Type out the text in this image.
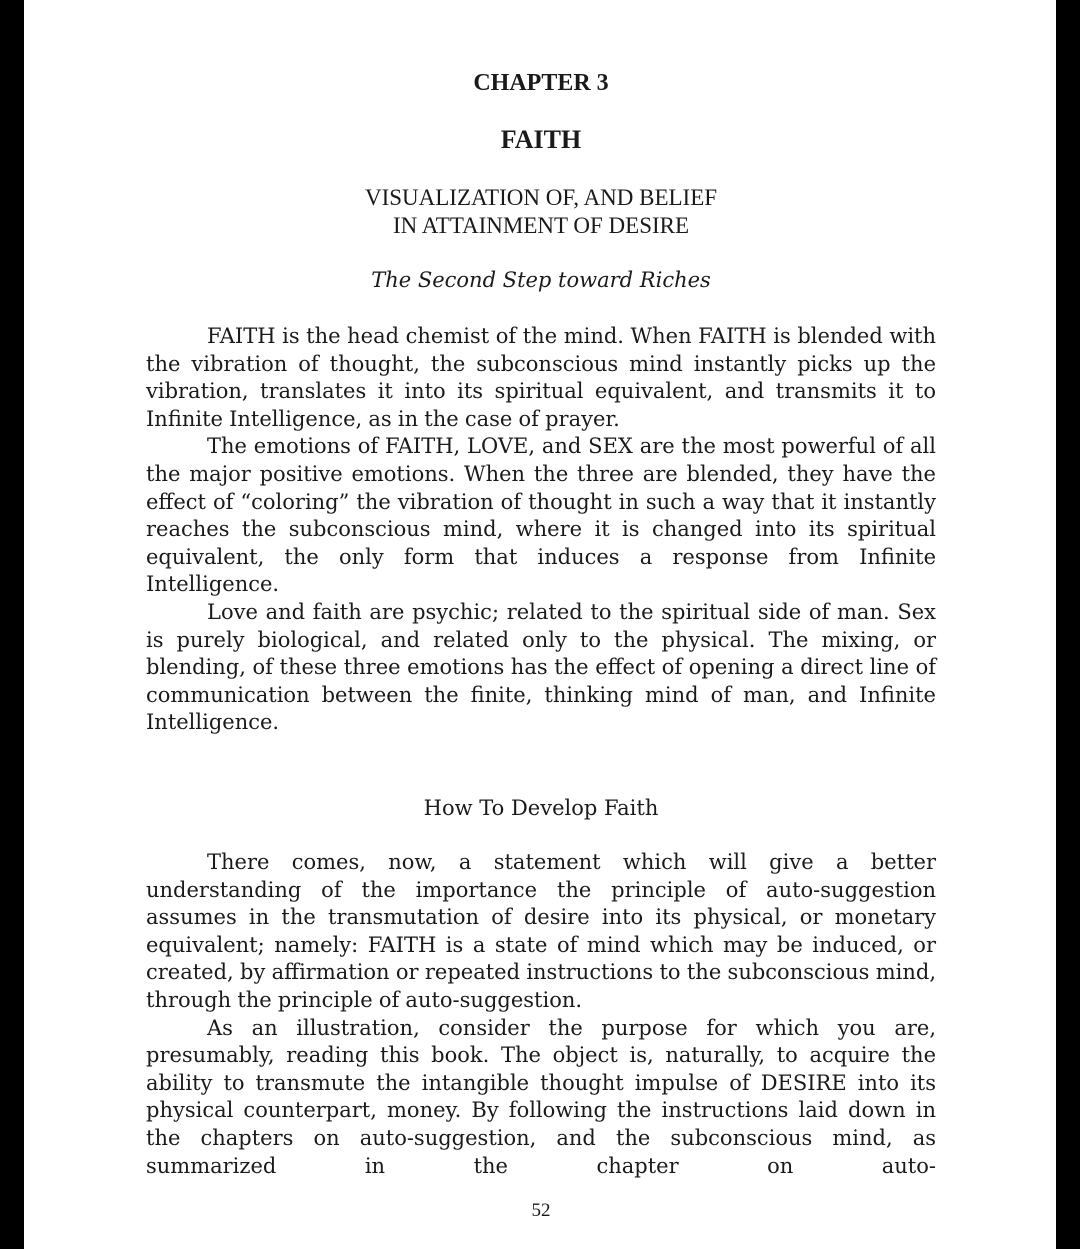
CHAPTER 3
FAITH
VISUALIZATION OF, AND BELIEF
IN ATTAINMENT OF DESIRE
The Second Step toward Riches

FAITH is the head chemist of the mind. When FAITH is blended with the vibration of thought, the subconscious mind instantly picks up the vibration, translates it into its spiritual equivalent, and transmits it to Infinite Intelligence, as in the case of prayer.

The emotions of FAITH, LOVE, and SEX are the most powerful of all the major positive emotions. When the three are blended, they have the effect of “coloring” the vibration of thought in such a way that it instantly reaches the subconscious mind, where it is changed into its spiritual equivalent, the only form that induces a response from Infinite Intelligence.

Love and faith are psychic; related to the spiritual side of man. Sex is purely biological, and related only to the physical. The mixing, or blending, of these three emotions has the effect of opening a direct line of communication between the finite, thinking mind of man, and Infinite Intelligence.

How To Develop Faith

There comes, now, a statement which will give a better understanding of the importance the principle of auto-suggestion assumes in the transmutation of desire into its physical, or monetary equivalent; namely: FAITH is a state of mind which may be induced, or created, by affirmation or repeated instructions to the subconscious mind, through the principle of auto-suggestion.

As an illustration, consider the purpose for which you are, presumably, reading this book. The object is, naturally, to acquire the ability to transmute the intangible thought impulse of DESIRE into its physical counterpart, money. By following the instructions laid down in the chapters on auto-suggestion, and the subconscious mind, as summarized in the chapter on auto-

52
